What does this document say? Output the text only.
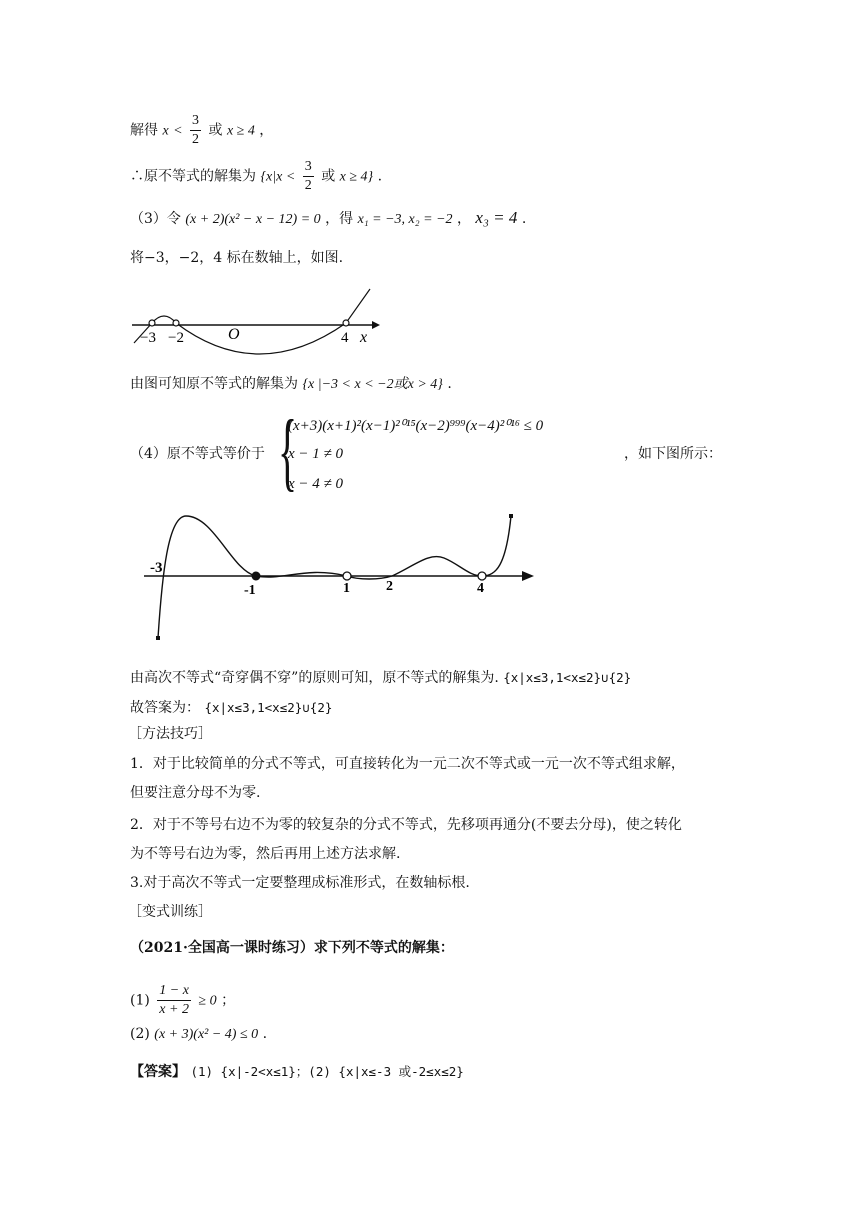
解得 $x < \frac{3}{2}$ 或 x ≥ 4 ，
∴原不等式的解集为 {$x|x < \frac{3}{2}$ 或 x ≥ 4} .
（3）令 (x + 2)(x² − x − 12) = 0 ，得 x₁ = −3, x₂ = −2 ， x₃ = 4 .
将−3，−2，4 标在数轴上，如图.
−3 −2	O	4 x
由图可知原不等式的解集为 {x |−3 < x < −2或x > 4} .
（4）原不等式等价于 {
(x+3)(x+1)²(x−1)²⁰¹⁵(x−2)⁹⁹⁹(x−4)²⁰¹⁶ ≤ 0
x − 1 ≠ 0
x − 4 ≠ 0
，如下图所示：
-3
-1	1	2	4
由高次不等式“奇穿偶不穿”的原则可知，原不等式的解集为. {x|x≤3,1<x≤2}∪{2}
故答案为： {x|x≤3,1<x≤2}∪{2}
［方法技巧］
1．对于比较简单的分式不等式，可直接转化为一元二次不等式或一元一次不等式组求解，
但要注意分母不为零.
2．对于不等号右边不为零的较复杂的分式不等式，先移项再通分(不要去分母)，使之转化
为不等号右边为零，然后再用上述方法求解.
3.对于高次不等式一定要整理成标准形式，在数轴标根.
［变式训练］
（2021·全国高一课时练习）求下列不等式的解集：
$(1) \frac{1 - x}{x + 2} \ge 0$ ；
(2) (x + 3)(x² − 4) ≤ 0 .
【答案】 (1) {x|-2<x≤1}；(2) {x|x≤-3 或-2≤x≤2}
